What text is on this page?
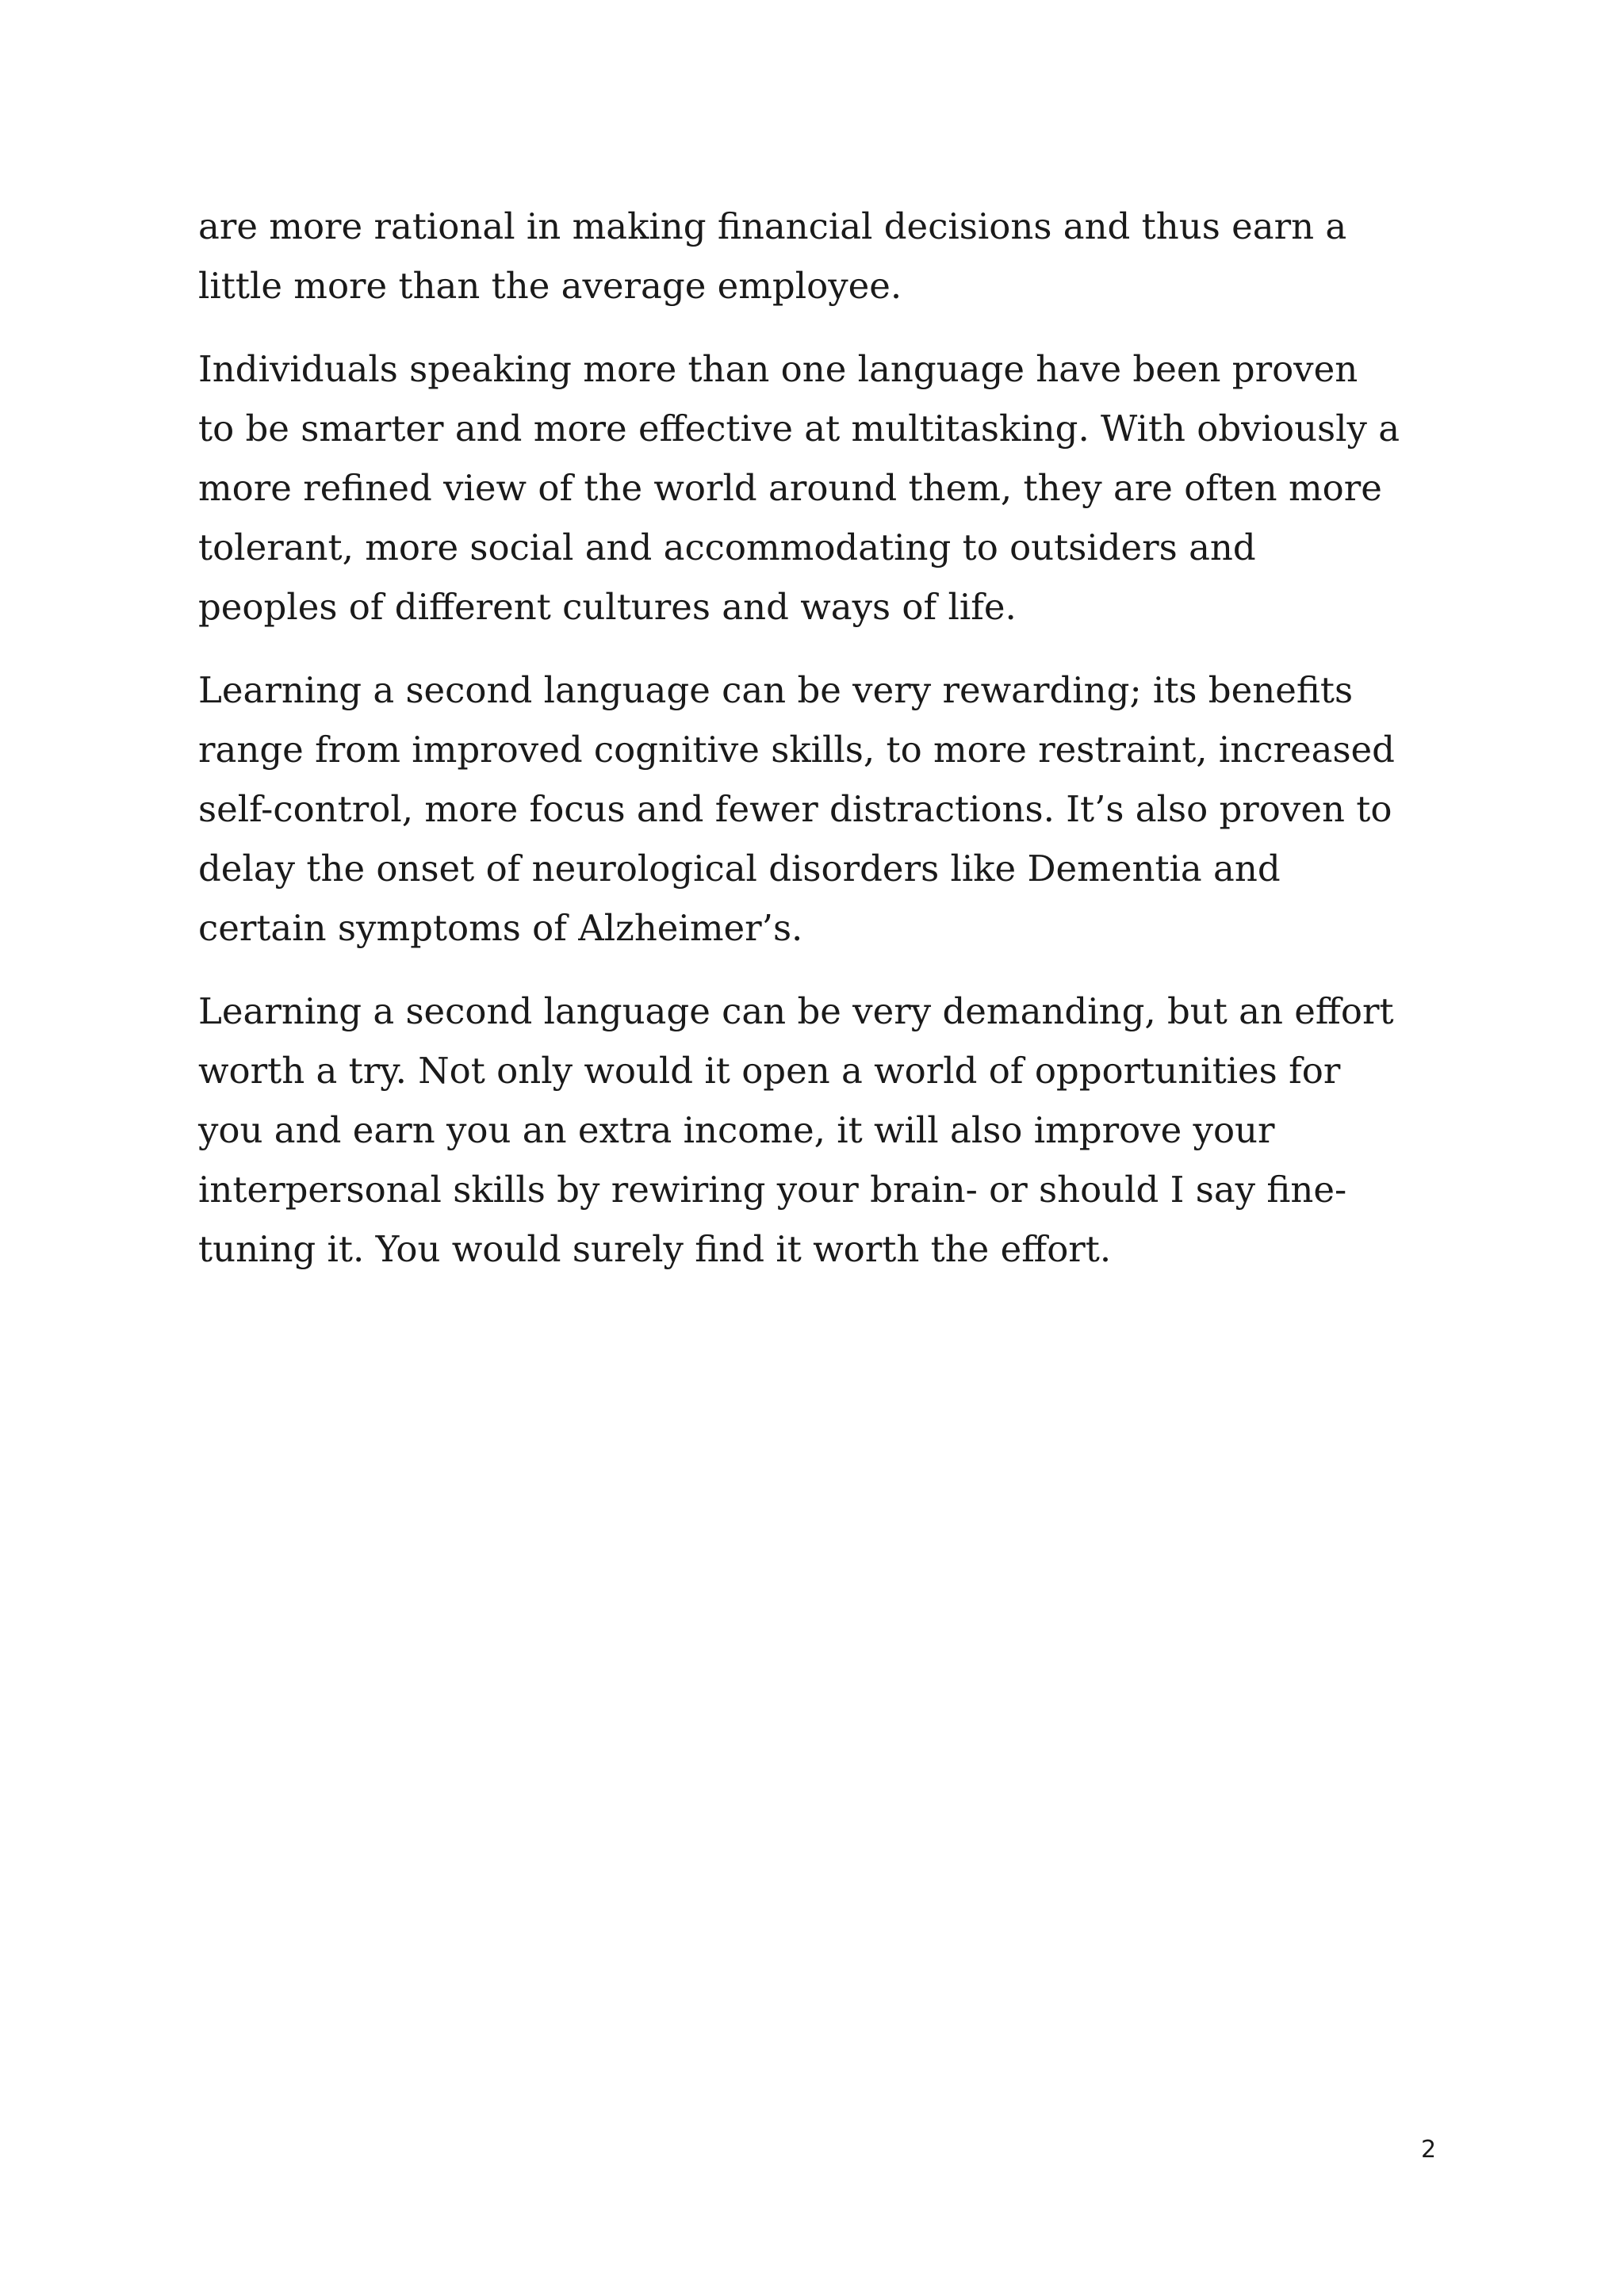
are more rational in making financial decisions and thus earn a
little more than the average employee.
Individuals speaking more than one language have been proven
to be smarter and more effective at multitasking. With obviously a
more refined view of the world around them, they are often more
tolerant, more social and accommodating to outsiders and
peoples of different cultures and ways of life.
Learning a second language can be very rewarding; its benefits
range from improved cognitive skills, to more restraint, increased
self-control, more focus and fewer distractions. It’s also proven to
delay the onset of neurological disorders like Dementia and
certain symptoms of Alzheimer’s.
Learning a second language can be very demanding, but an effort
worth a try. Not only would it open a world of opportunities for
you and earn you an extra income, it will also improve your
interpersonal skills by rewiring your brain- or should I say fine-
tuning it. You would surely find it worth the effort.
2
